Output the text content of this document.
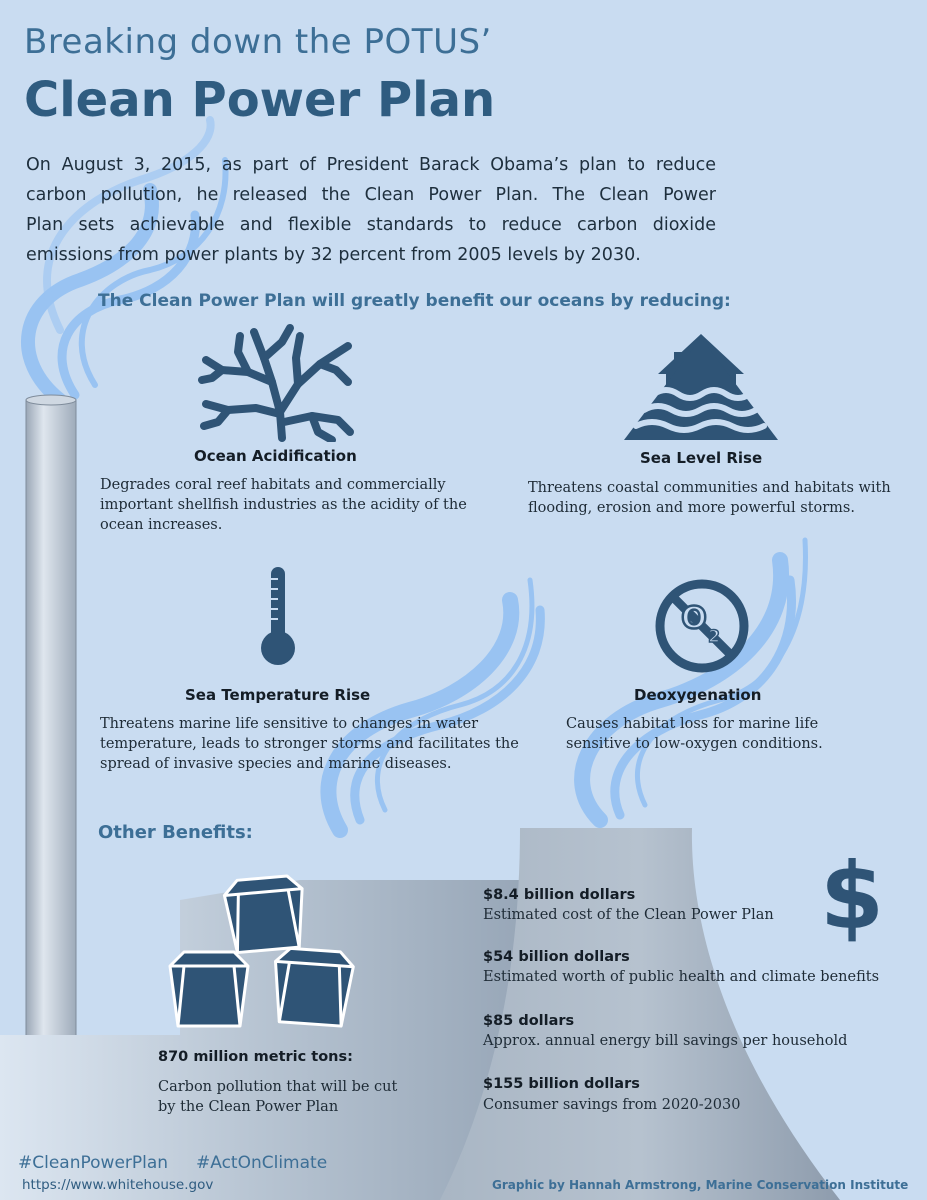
Breaking down the POTUS’
Clean Power Plan
On August 3, 2015, as part of President Barack Obama’s plan to reduce
carbon pollution, he released the Clean Power Plan. The Clean Power
Plan sets achievable and flexible standards to reduce carbon dioxide
emissions from power plants by 32 percent from 2005 levels by 2030.
The Clean Power Plan will greatly benefit our oceans by reducing:
Ocean Acidification
Degrades coral reef habitats and commercially important shellfish industries as the acidity of the ocean increases.
Sea Level Rise
Threatens coastal communities and habitats with flooding, erosion and more powerful storms.
Sea Temperature Rise
Threatens marine life sensitive to changes in water temperature, leads to stronger storms and facilitates the spread of invasive species and marine diseases.
O
2
Deoxygenation
Causes habitat loss for marine life sensitive to low-oxygen conditions.
Other Benefits:
870 million metric tons:
Carbon pollution that will be cut by the Clean Power Plan
$
$8.4 billion dollars
Estimated cost of the Clean Power Plan
$54 billion dollars
Estimated worth of public health and climate benefits
$85 dollars
Approx. annual energy bill savings per household
$155 billion dollars
Consumer savings from 2020-2030
#CleanPowerPlan #ActOnClimate
https://www.whitehouse.gov	Graphic by Hannah Armstrong, Marine Conservation Institute
